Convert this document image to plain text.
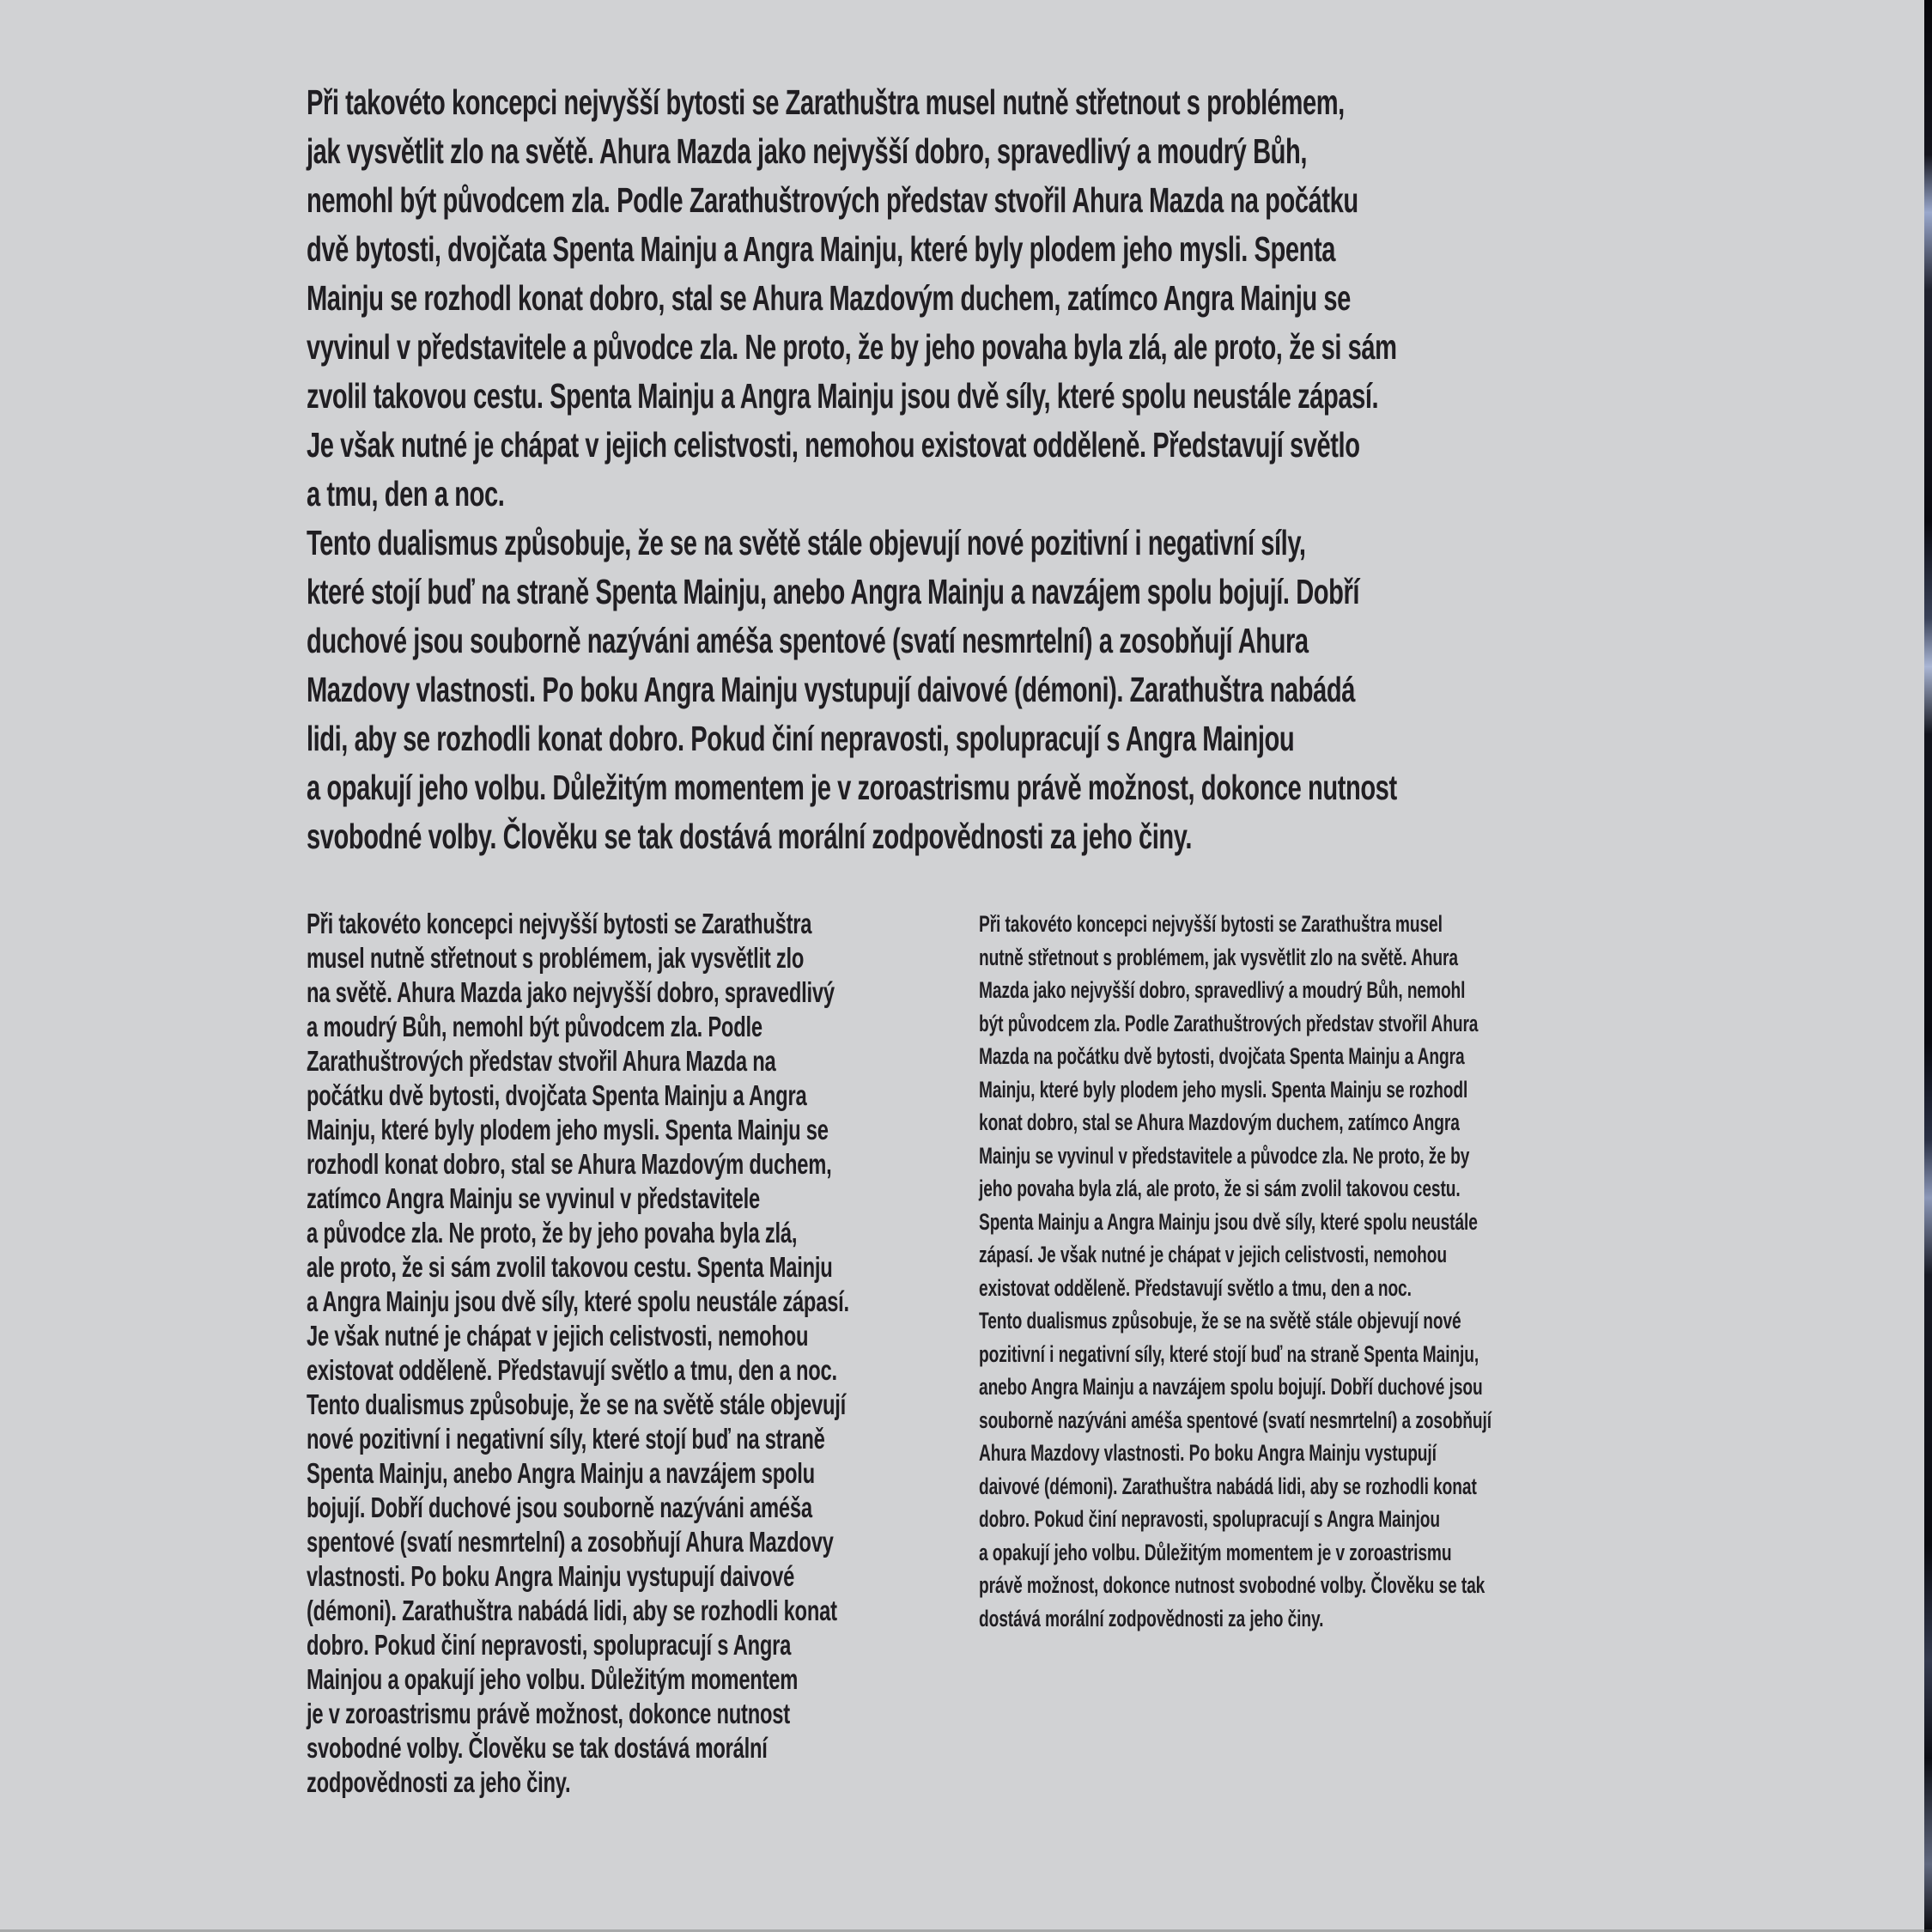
Při takovéto koncepci nejvyšší bytosti se Zarathuštra musel nutně střetnout s problémem,
jak vysvětlit zlo na světě. Ahura Mazda jako nejvyšší dobro, spravedlivý a moudrý Bůh,
nemohl být původcem zla. Podle Zarathuštrových představ stvořil Ahura Mazda na počátku
dvě bytosti, dvojčata Spenta Mainju a Angra Mainju, které byly plodem jeho mysli. Spenta
Mainju se rozhodl konat dobro, stal se Ahura Mazdovým duchem, zatímco Angra Mainju se
vyvinul v představitele a původce zla. Ne proto, že by jeho povaha byla zlá, ale proto, že si sám
zvolil takovou cestu. Spenta Mainju a Angra Mainju jsou dvě síly, které spolu neustále zápasí.
Je však nutné je chápat v jejich celistvosti, nemohou existovat odděleně. Představují světlo
a tmu, den a noc.
Tento dualismus způsobuje, že se na světě stále objevují nové pozitivní i negativní síly,
které stojí buď na straně Spenta Mainju, anebo Angra Mainju a navzájem spolu bojují. Dobří
duchové jsou souborně nazýváni améša spentové (svatí nesmrtelní) a zosobňují Ahura
Mazdovy vlastnosti. Po boku Angra Mainju vystupují daivové (démoni). Zarathuštra nabádá
lidi, aby se rozhodli konat dobro. Pokud činí nepravosti, spolupracují s Angra Mainjou
a opakují jeho volbu. Důležitým momentem je v zoroastrismu právě možnost, dokonce nutnost
svobodné volby. Člověku se tak dostává morální zodpovědnosti za jeho činy.
Při takovéto koncepci nejvyšší bytosti se Zarathuštra
musel nutně střetnout s problémem, jak vysvětlit zlo
na světě. Ahura Mazda jako nejvyšší dobro, spravedlivý
a moudrý Bůh, nemohl být původcem zla. Podle
Zarathuštrových představ stvořil Ahura Mazda na
počátku dvě bytosti, dvojčata Spenta Mainju a Angra
Mainju, které byly plodem jeho mysli. Spenta Mainju se
rozhodl konat dobro, stal se Ahura Mazdovým duchem,
zatímco Angra Mainju se vyvinul v představitele
a původce zla. Ne proto, že by jeho povaha byla zlá,
ale proto, že si sám zvolil takovou cestu. Spenta Mainju
a Angra Mainju jsou dvě síly, které spolu neustále zápasí.
Je však nutné je chápat v jejich celistvosti, nemohou
existovat odděleně. Představují světlo a tmu, den a noc.
Tento dualismus způsobuje, že se na světě stále objevují
nové pozitivní i negativní síly, které stojí buď na straně
Spenta Mainju, anebo Angra Mainju a navzájem spolu
bojují. Dobří duchové jsou souborně nazýváni améša
spentové (svatí nesmrtelní) a zosobňují Ahura Mazdovy
vlastnosti. Po boku Angra Mainju vystupují daivové
(démoni). Zarathuštra nabádá lidi, aby se rozhodli konat
dobro. Pokud činí nepravosti, spolupracují s Angra
Mainjou a opakují jeho volbu. Důležitým momentem
je v zoroastrismu právě možnost, dokonce nutnost
svobodné volby. Člověku se tak dostává morální
zodpovědnosti za jeho činy.
Při takovéto koncepci nejvyšší bytosti se Zarathuštra musel
nutně střetnout s problémem, jak vysvětlit zlo na světě. Ahura
Mazda jako nejvyšší dobro, spravedlivý a moudrý Bůh, nemohl
být původcem zla. Podle Zarathuštrových představ stvořil Ahura
Mazda na počátku dvě bytosti, dvojčata Spenta Mainju a Angra
Mainju, které byly plodem jeho mysli. Spenta Mainju se rozhodl
konat dobro, stal se Ahura Mazdovým duchem, zatímco Angra
Mainju se vyvinul v představitele a původce zla. Ne proto, že by
jeho povaha byla zlá, ale proto, že si sám zvolil takovou cestu.
Spenta Mainju a Angra Mainju jsou dvě síly, které spolu neustále
zápasí. Je však nutné je chápat v jejich celistvosti, nemohou
existovat odděleně. Představují světlo a tmu, den a noc.
Tento dualismus způsobuje, že se na světě stále objevují nové
pozitivní i negativní síly, které stojí buď na straně Spenta Mainju,
anebo Angra Mainju a navzájem spolu bojují. Dobří duchové jsou
souborně nazýváni améša spentové (svatí nesmrtelní) a zosobňují
Ahura Mazdovy vlastnosti. Po boku Angra Mainju vystupují
daivové (démoni). Zarathuštra nabádá lidi, aby se rozhodli konat
dobro. Pokud činí nepravosti, spolupracují s Angra Mainjou
a opakují jeho volbu. Důležitým momentem je v zoroastrismu
právě možnost, dokonce nutnost svobodné volby. Člověku se tak
dostává morální zodpovědnosti za jeho činy.
